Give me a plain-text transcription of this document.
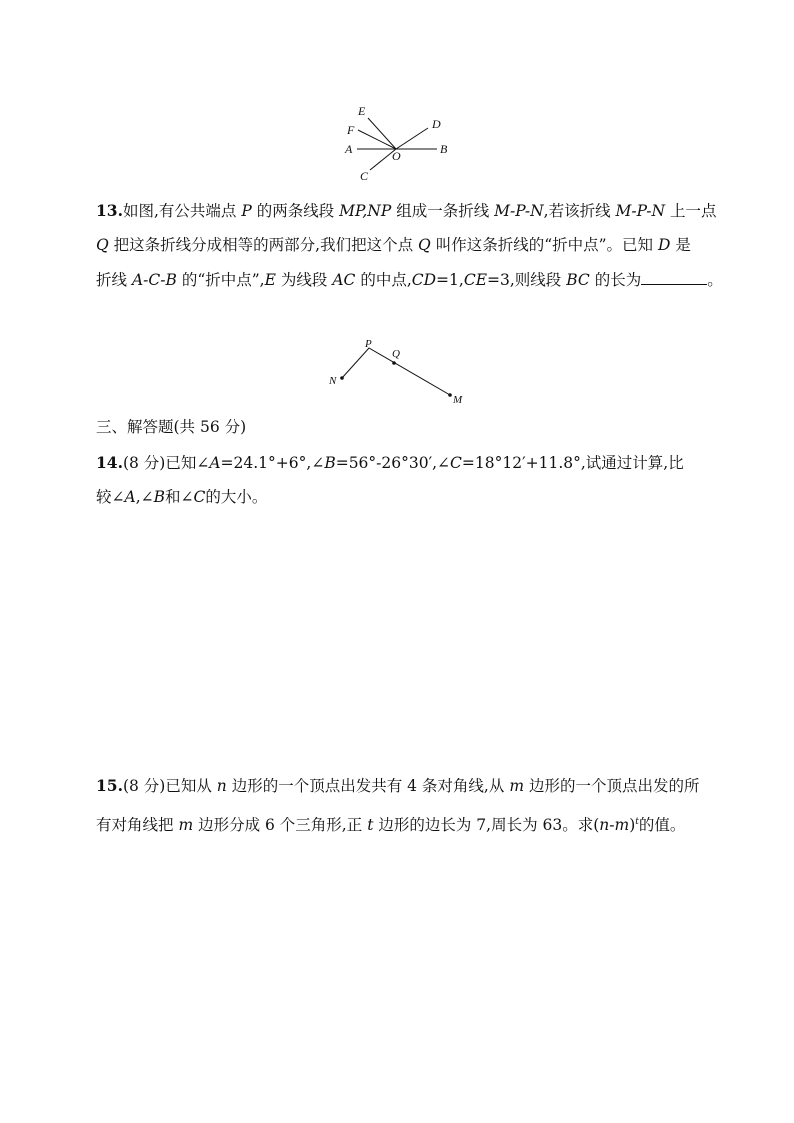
E
F
A	O
D
B
C
13.如图,有公共端点 P 的两条线段 MP,NP 组成一条折线 M-P-N,若该折线 M-P-N 上一点
Q 把这条折线分成相等的两部分,我们把这个点 Q 叫作这条折线的“折中点”。已知 D 是
折线 A-C-B 的“折中点”,E 为线段 AC 的中点,CD=1,CE=3,则线段 BC 的长为	。
P
Q
N
M
三、解答题(共 56 分)
14.(8 分)已知∠A=24.1°+6°,∠B=56°-26°30′,∠C=18°12′+11.8°,试通过计算,比
较∠A,∠B和∠C的大小。
15.(8 分)已知从 n 边形的一个顶点出发共有 4 条对角线,从 m 边形的一个顶点出发的所
有对角线把 m 边形分成 6 个三角形,正 t 边形的边长为 7,周长为 63。求$(n-m)^t$的值。
